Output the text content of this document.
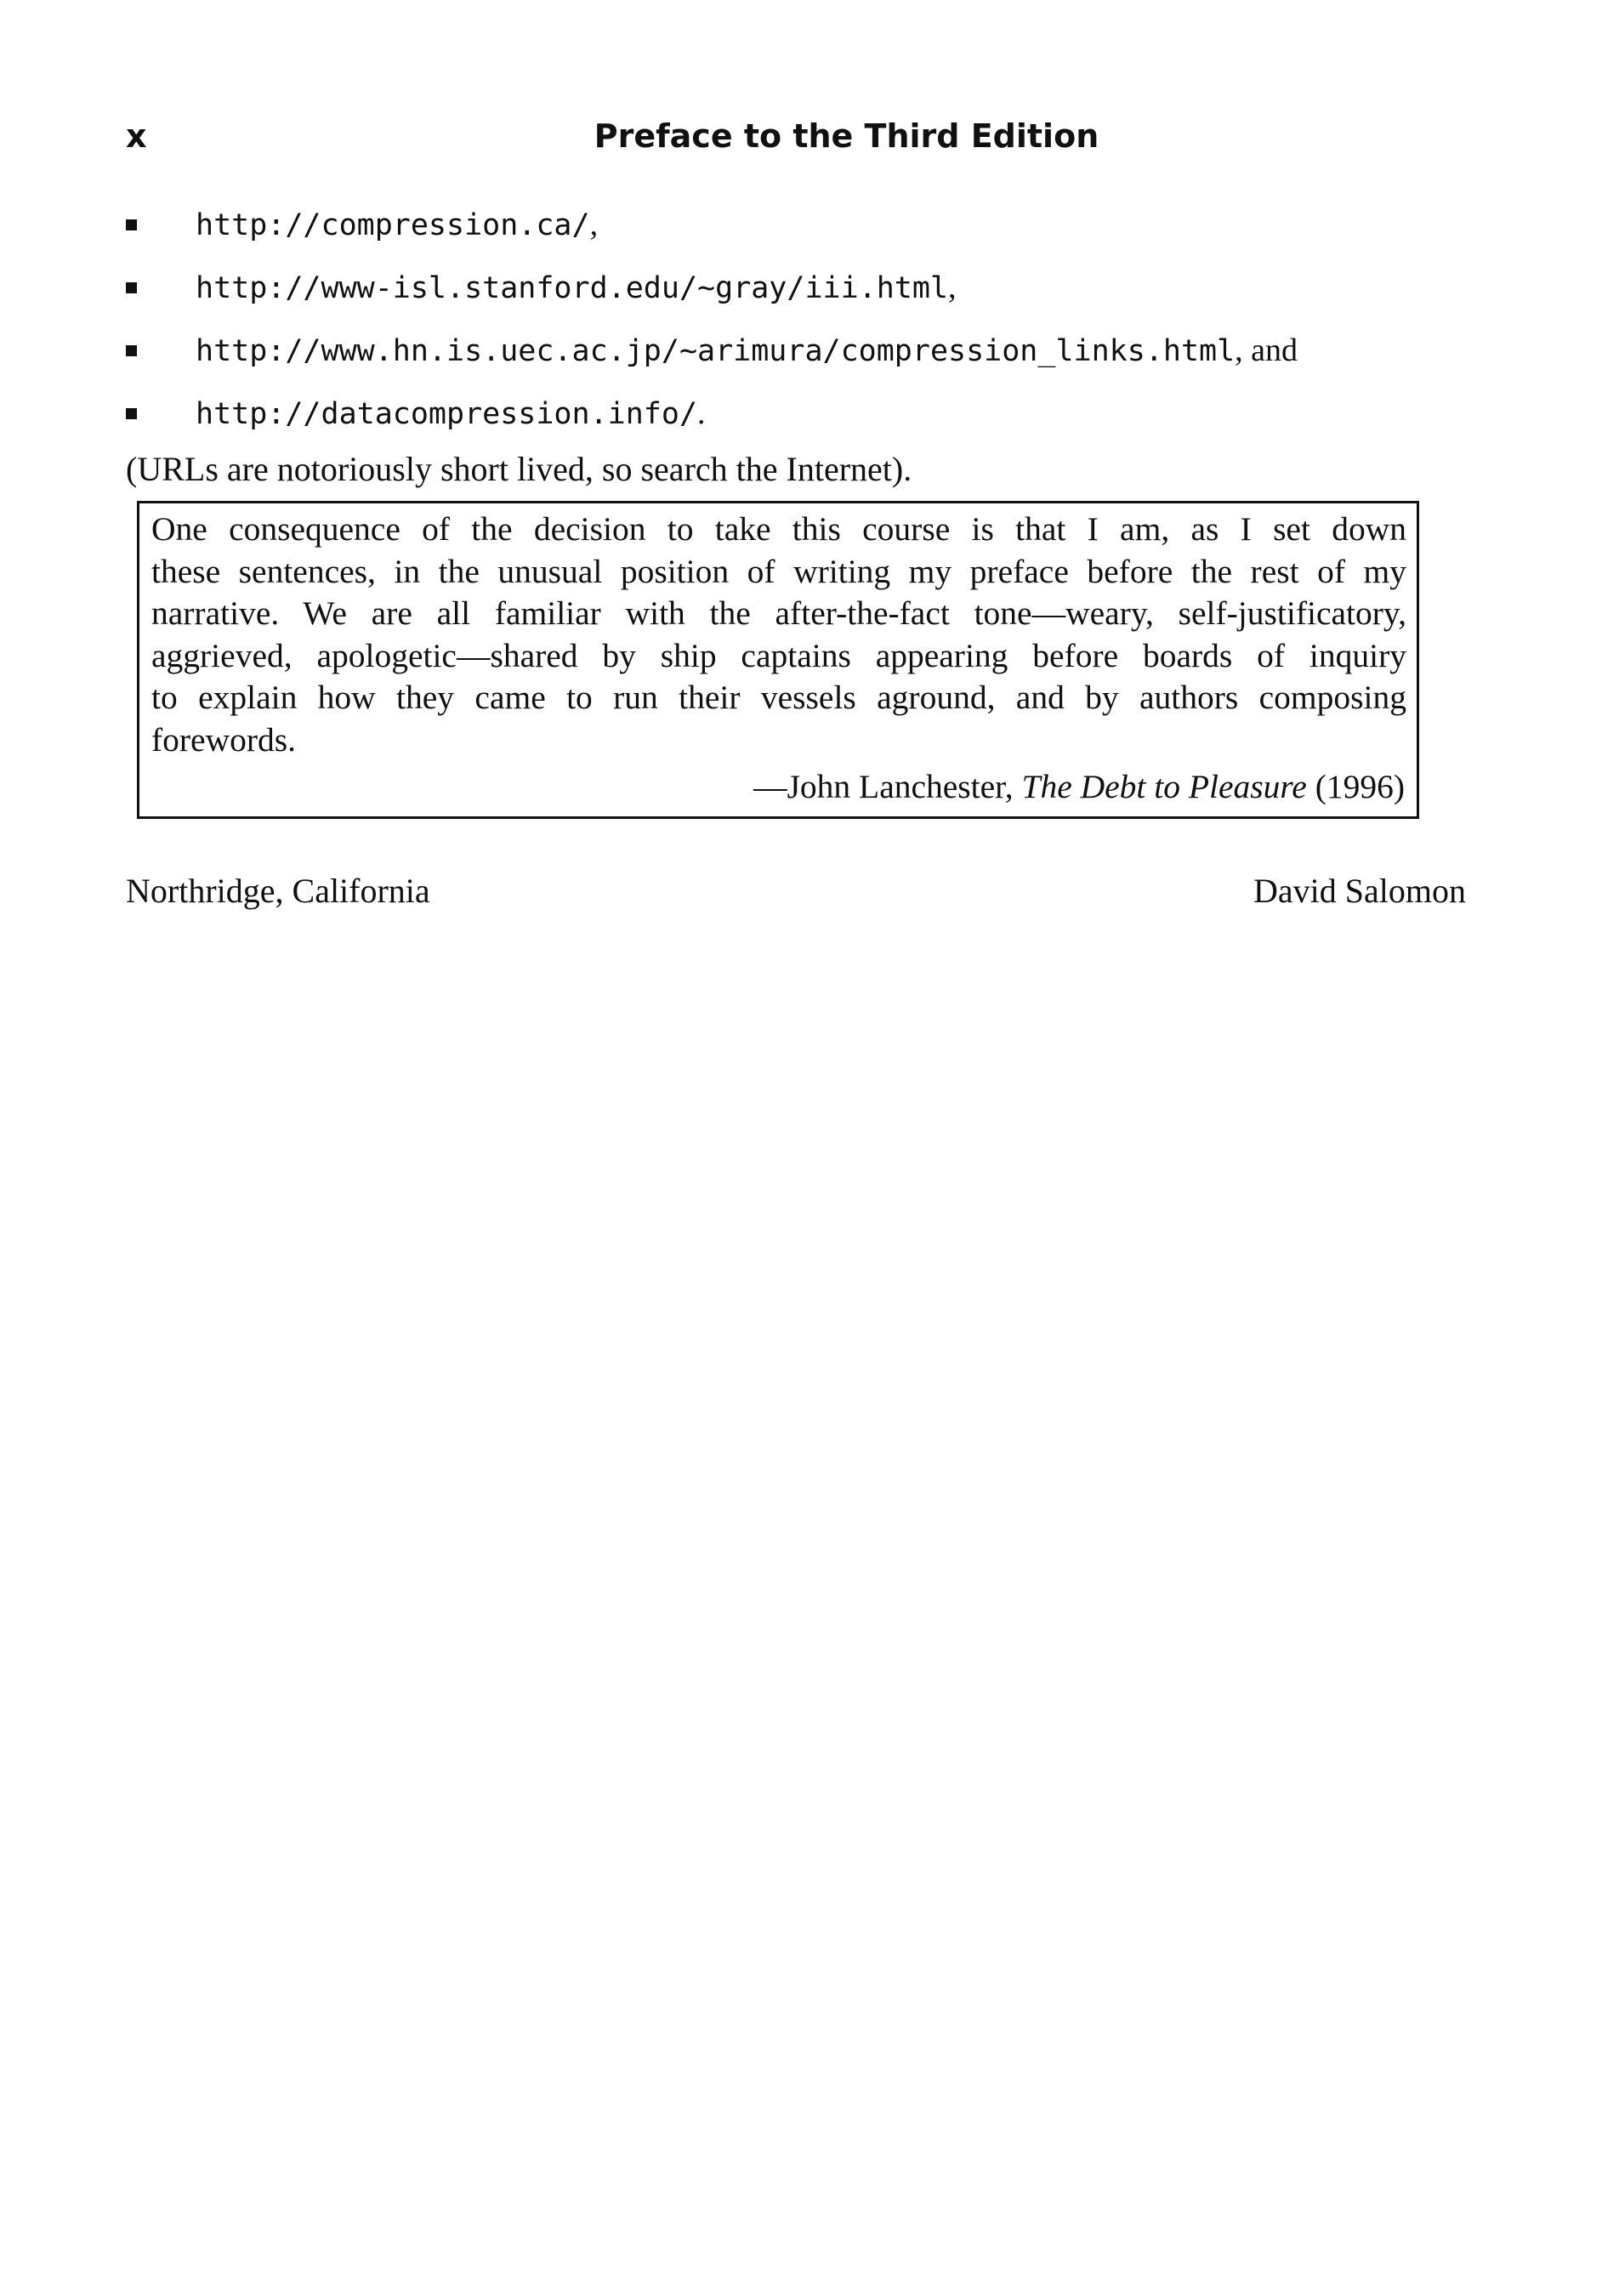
x	Preface to the Third Edition
http://compression.ca/,
http://www-isl.stanford.edu/~gray/iii.html,
http://www.hn.is.uec.ac.jp/~arimura/compression_links.html, and
http://datacompression.info/.
(URLs are notoriously short lived, so search the Internet).
One consequence of the decision to take this course is that I am, as I set down
these sentences, in the unusual position of writing my preface before the rest of my
narrative. We are all familiar with the after-the-fact tone—weary, self-justificatory,
aggrieved, apologetic—shared by ship captains appearing before boards of inquiry
to explain how they came to run their vessels aground, and by authors composing
forewords.
—John Lanchester, The Debt to Pleasure (1996)
Northridge, California	David Salomon
